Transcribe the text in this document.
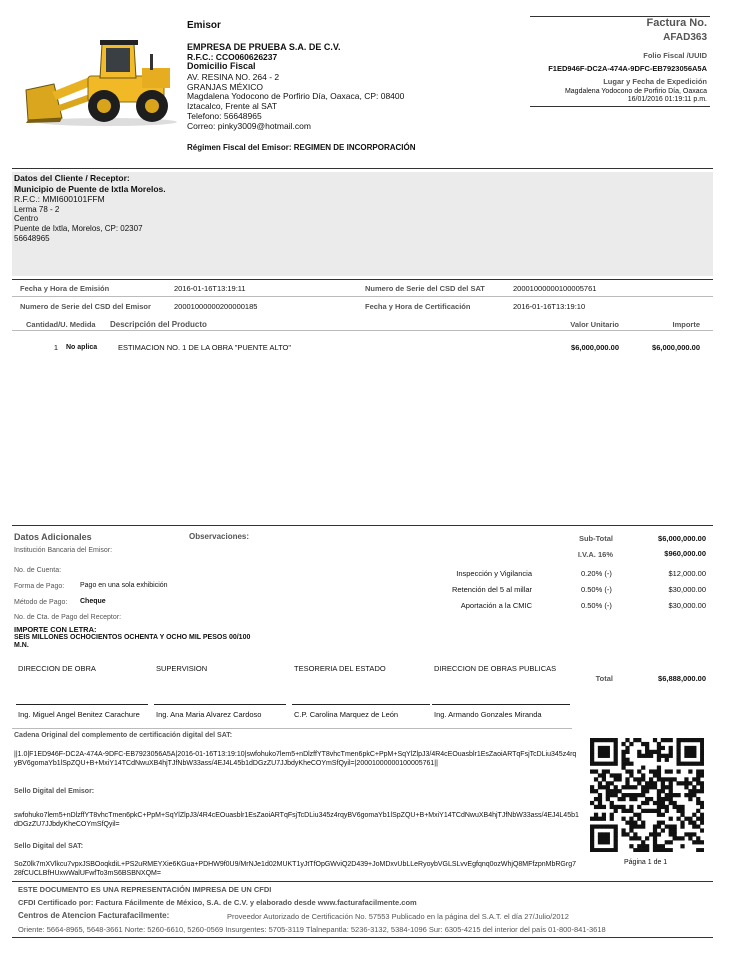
Emisor
EMPRESA DE PRUEBA S.A. DE C.V.
R.F.C.: CCO060626237
Domicilio Fiscal
AV. RESINA NO. 264 - 2
GRANJAS MÉXICO
Magdalena Yodocono de Porfirio Día, Oaxaca, CP: 08400
Iztacalco, Frente al SAT
Telefono: 56648965
Correo: pinky3009@hotmail.com
Régimen Fiscal del Emisor: REGIMEN DE INCORPORACIÓN
Factura No.
AFAD363
Folio Fiscal /UUID
F1ED946F-DC2A-474A-9DFC-EB7923056A5A
Lugar y Fecha de Expedición
Magdalena Yodocono de Porfirio Día, Oaxaca
16/01/2016 01:19:11 p.m.
Datos del Cliente / Receptor:
Municipio de Puente de Ixtla Morelos.
R.F.C.: MMI600101FFM
Lerma 78 - 2
Centro
Puente de Ixtla, Morelos, CP: 02307
56648965
Fecha y Hora de Emisión	2016-01-16T13:19:11	Numero de Serie del CSD del SAT	20001000000100005761
Numero de Serie del CSD del Emisor	20001000000200000185	Fecha y Hora de Certificación	2016-01-16T13:19:10
Cantidad/U. Medida Descripción del Producto	Valor Unitario	Importe
1 No aplica	ESTIMACION NO. 1 DE LA OBRA "PUENTE ALTO"	$6,000,000.00	$6,000,000.00
Datos Adicionales	Observaciones:
Institución Bancaria del Emisor:
No. de Cuenta:
Forma de Pago: Pago en una sola exhibición
Método de Pago: Cheque
No. de Cta. de Pago del Receptor:
IMPORTE CON LETRA:
SEIS MILLONES OCHOCIENTOS OCHENTA Y OCHO MIL PESOS 00/100
M.N.
Sub-Total	$6,000,000.00
I.V.A. 16%	$960,000.00
Inspección y Vigilancia	0.20% (-)	$12,000.00
Retención del 5 al millar	0.50% (-)	$30,000.00
Aportación a la CMIC	0.50% (-)	$30,000.00
Total	$6,888,000.00
DIRECCION DE OBRA	SUPERVISION	TESORERIA DEL ESTADO	DIRECCION DE OBRAS PUBLICAS
Ing. Miguel Angel Benitez Carachure Ing. Ana Maria Alvarez Cardoso	C.P. Carolina Marquez de León	Ing. Armando Gonzales Miranda
Cadena Original del complemento de certificación digital del SAT:
||1.0|F1ED946F-DC2A-474A-9DFC-EB7923056A5A|2016-01-16T13:19:10|swfohuko7lem5+nDlzffYT8vhcTmen6pkC+PpM+SqYlZlpJ3/4R4cEOuasblr1EsZaoiARTqFsjTcDLiu345z4rqyBV6gomaYb1lSpZQU+B+MxiY14TCdNwuXB4hjTJfNbW33ass/4EJ4L45b1dDGzZU7JJbdyKheCOYmSfQyil=|20001000000100005761||
Sello Digital del Emisor:
swfohuko7lem5+nDlzffYT8vhcTmen6pkC+PpM+SqYlZlpJ3/4R4cEOuasblr1EsZaoiARTqFsjTcDLiu345z4rqyBV6gomaYb1lSpZQU+B+MxiY14TCdNwuXB4hjTJfNbW33ass/4EJ4L45b1dDGzZU7JJbdyKheCOYmSfQyil=
Sello Digital del SAT:
SoZ0lk7mXVlkcu7vpxJSBOoqkdiL+PS2uRMEYXie6KGua+PDHW9f0U9/MrNJe1d02MUKT1yJtTfOpGWviQ2D439+JoMDxvUbLLeRyoybVGLSLvvEgfqnq0ozWhjQ8MFfzpnMbRGrg728fCUCLBfHUxwWalUFwfTo3mS6BSBNXQM=
Página 1 de 1
ESTE DOCUMENTO ES UNA REPRESENTACIÓN IMPRESA DE UN CFDI
CFDI Certificado por: Factura Fácilmente de México, S.A. de C.V. y elaborado desde www.facturafacilmente.com
Centros de Atencion Facturafacilmente:	Proveedor Autorizado de Certificación No. 57553 Publicado en la página del S.A.T. el día 27/Julio/2012
Oriente: 5664-8965, 5648-3661 Norte: 5260-6610, 5260-0569 Insurgentes: 5705-3119 Tlalnepantla: 5236-3132, 5384-1096 Sur: 6305-4215 del interior del país 01-800-841-3618
